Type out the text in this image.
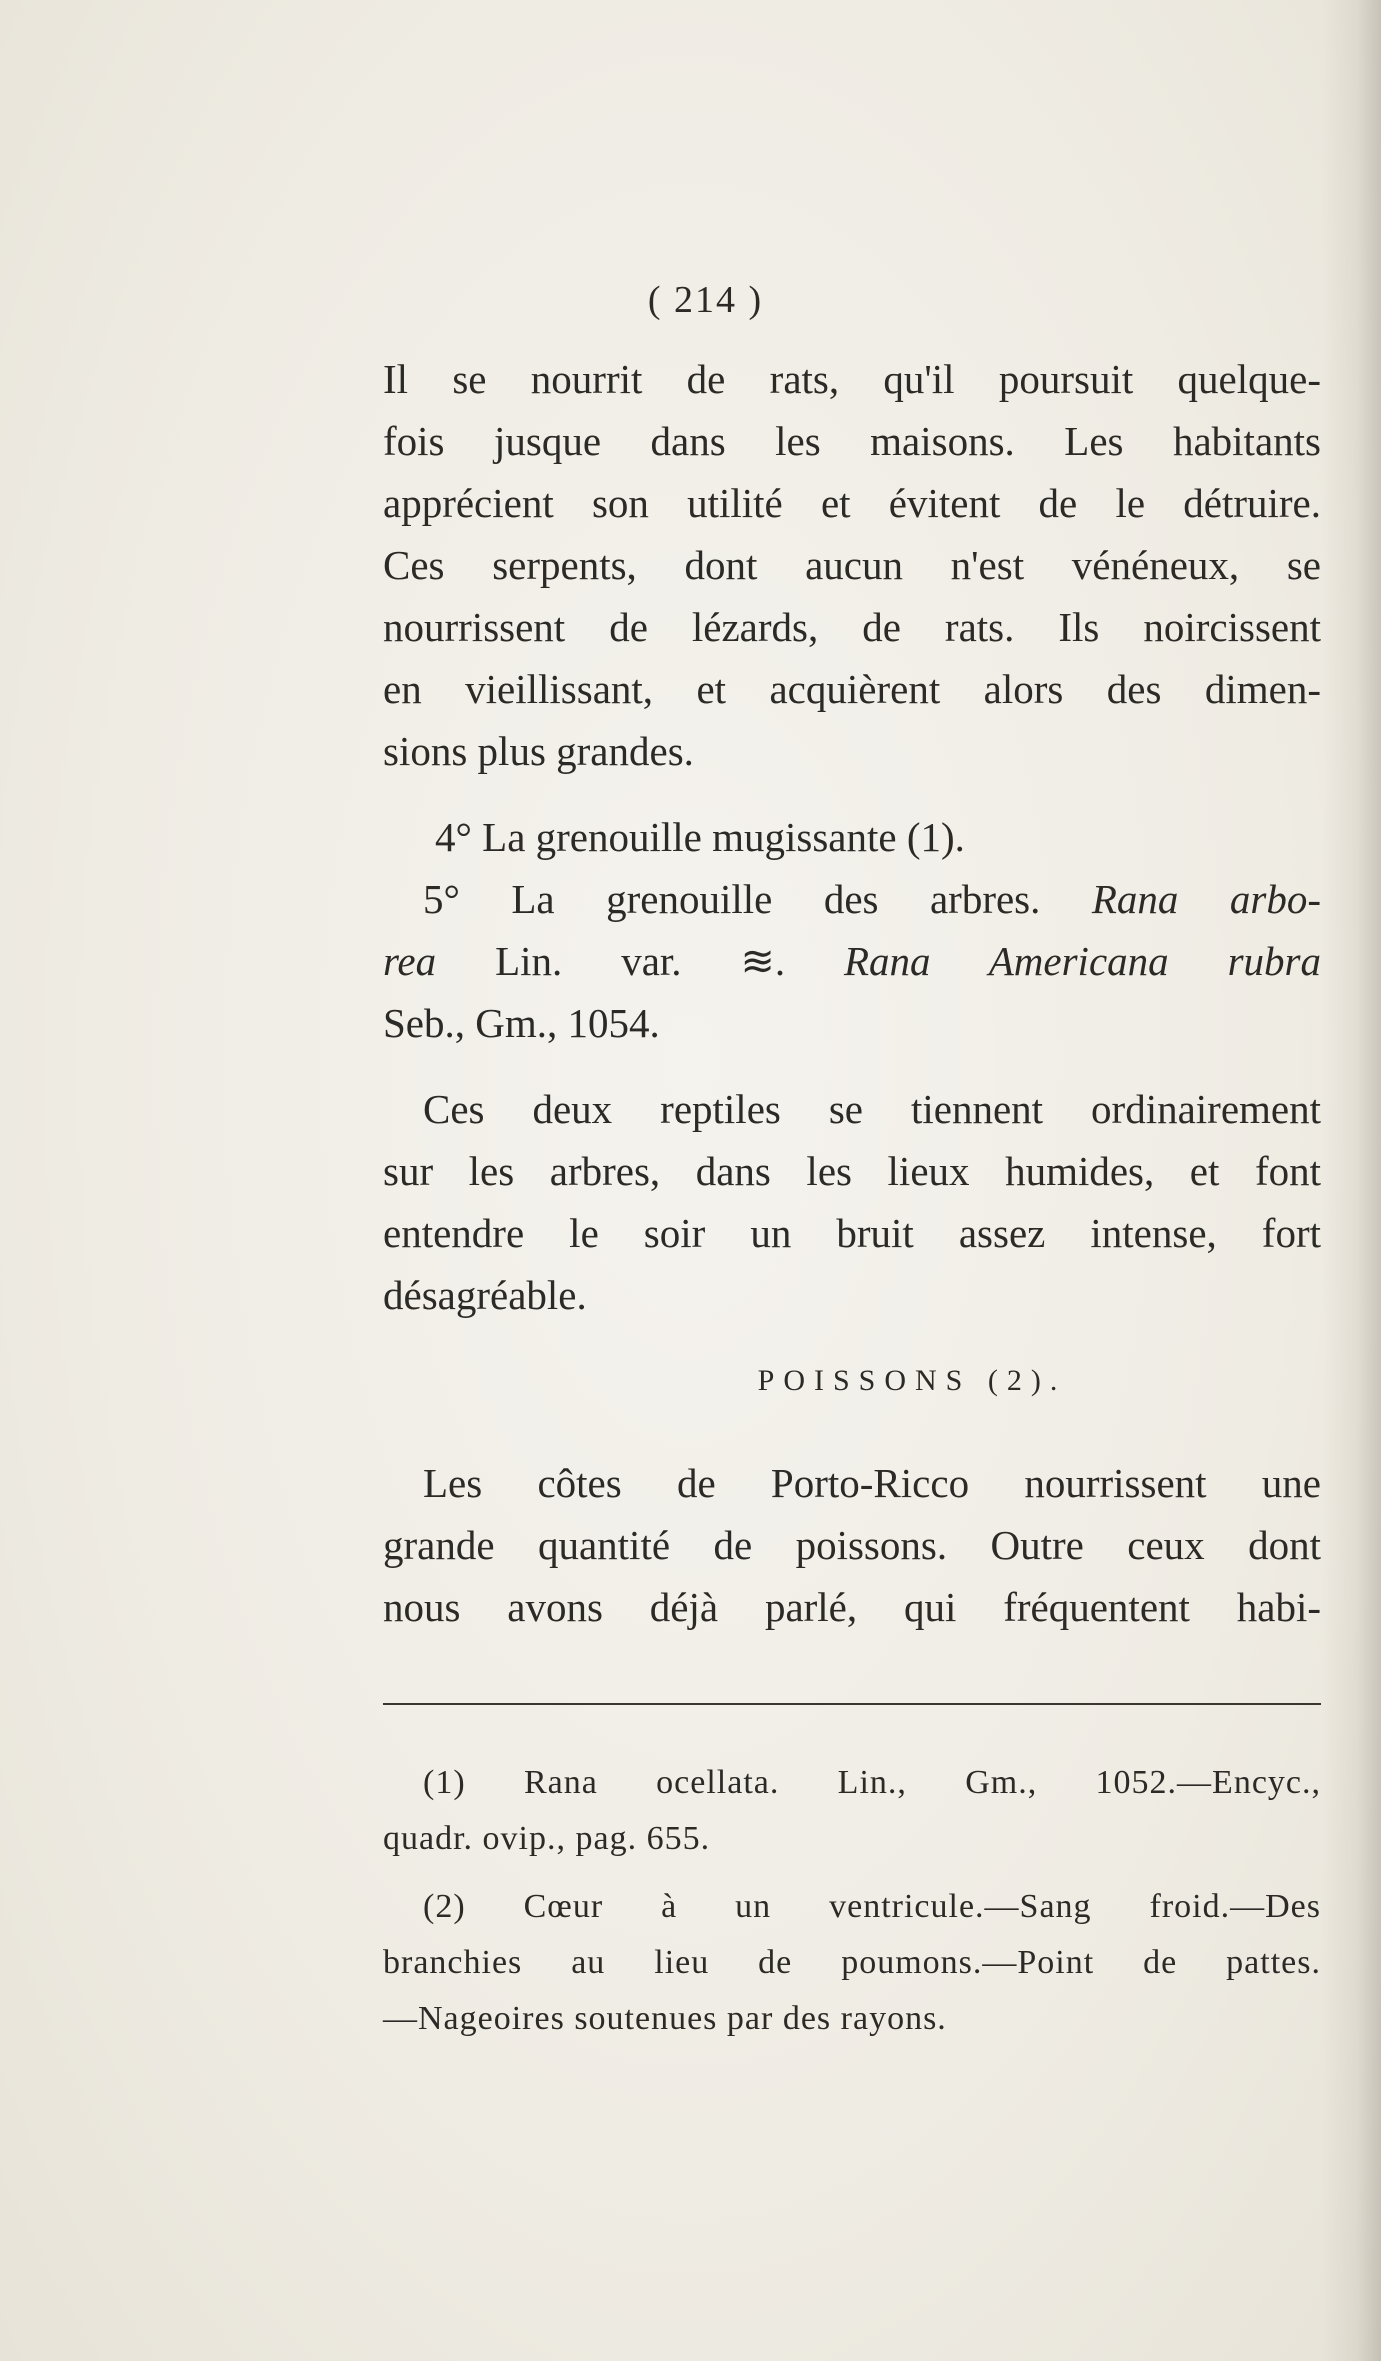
( 214 )
Il se nourrit de rats, qu'il poursuit quelque-
fois jusque dans les maisons. Les habitants
apprécient son utilité et évitent de le détruire.
Ces serpents, dont aucun n'est vénéneux, se
nourrissent de lézards, de rats. Ils noircissent
en vieillissant, et acquièrent alors des dimen-
sions plus grandes.
4° La grenouille mugissante (1).
5° La grenouille des arbres. Rana arbo-
rea Lin. var. ≋. Rana Americana rubra
Seb., Gm., 1054.
Ces deux reptiles se tiennent ordinairement
sur les arbres, dans les lieux humides, et font
entendre le soir un bruit assez intense, fort
désagréable.
POISSONS (2).
Les côtes de Porto-Ricco nourrissent une
grande quantité de poissons. Outre ceux dont
nous avons déjà parlé, qui fréquentent habi-
(1) Rana ocellata. Lin., Gm., 1052.—Encyc.,
quadr. ovip., pag. 655.
(2) Cœur à un ventricule.—Sang froid.—Des
branchies au lieu de poumons.—Point de pattes.
—Nageoires soutenues par des rayons.
